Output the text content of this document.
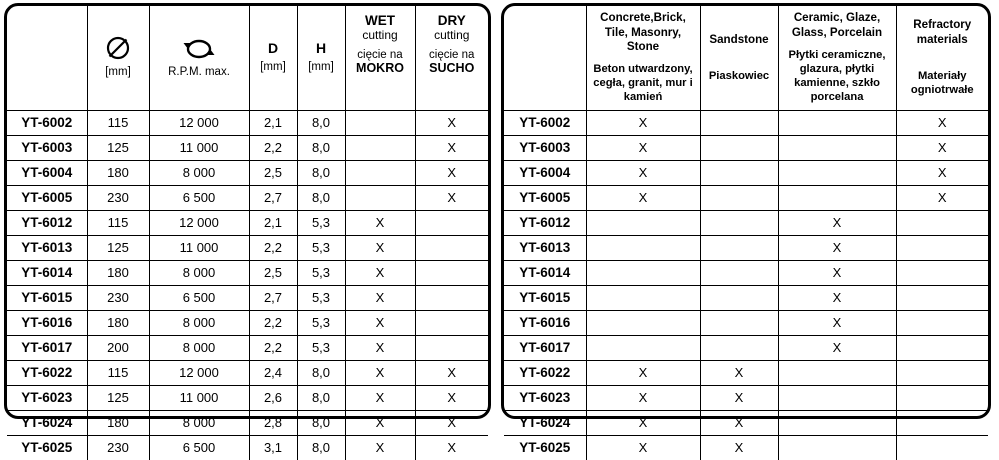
[mm]	R.P.M. max.

D
[mm]

H
[mm]

WET
cutting
cięcie na
MOKRO

DRY
cutting
cięcie na
SUCHO

YT-6002	115	12 000	2,1	8,0		X
YT-6003	125	11 000	2,2	8,0		X
YT-6004	180	8 000	2,5	8,0		X
YT-6005	230	6 500	2,7	8,0		X
YT-6012	115	12 000	2,1	5,3	X	
YT-6013	125	11 000	2,2	5,3	X	
YT-6014	180	8 000	2,5	5,3	X	
YT-6015	230	6 500	2,7	5,3	X	
YT-6016	180	8 000	2,2	5,3	X	
YT-6017	200	8 000	2,2	5,3	X	
YT-6022	115	12 000	2,4	8,0	X	X
YT-6023	125	11 000	2,6	8,0	X	X
YT-6024	180	8 000	2,8	8,0	X	X
YT-6025	230	6 500	3,1	8,0	X	X

Concrete,Brick, Tile, Masonry, Stone
Beton utwardzony, cegła, granit, mur i kamień

Sandstone
Piaskowiec

Ceramic, Glaze, Glass, Porcelain
Płytki ceramiczne, glazura, płytki kamienne, szkło porcelana

Refractory materials
Materiały ogniotrwałe

YT-6002	X			X
YT-6003	X			X
YT-6004	X			X
YT-6005	X			X
YT-6012			X	
YT-6013			X	
YT-6014			X	
YT-6015			X	
YT-6016			X	
YT-6017			X	
YT-6022	X	X		
YT-6023	X	X		
YT-6024	X	X		
YT-6025	X	X		
